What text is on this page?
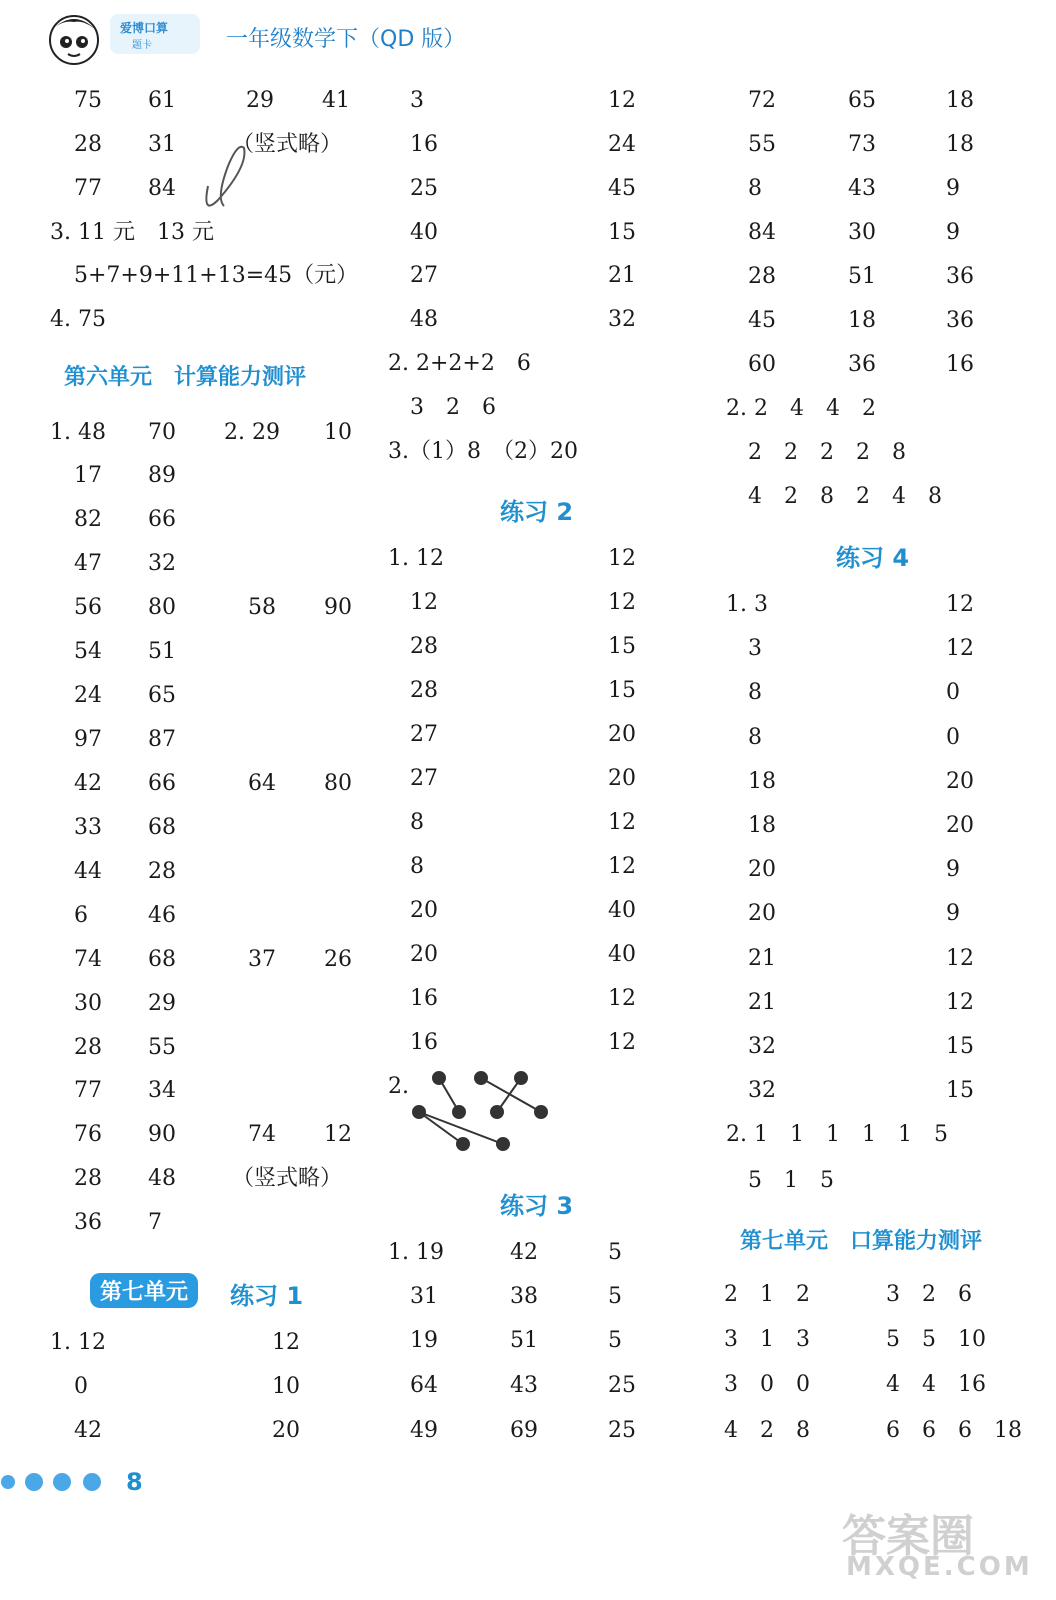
爱博口算
题卡	一年级数学下（QD 版）
75 61	29 41
28 31	（竖式略）
77 84
3. 11 元　13 元
5+7+9+11+13=45（元）
4. 75
第六单元　计算能力测评
1. 48 70 2. 29 10
17 89
82 66
47 32
56 80	58 90
54 51
24 65
97 87
42 66	64 80
33 68
44 28
6	46
74 68	37 26
30 29
28 55
77 34
76 90	74 12
28 48	（竖式略）
36 7
第七单元	练习 1
1. 12	12
0	10
42	20
3	12
16	24
25	45
40	15
27	21
48	32
2. 2+2+2　6
3　2　6
3.（1）8　（2）20
练习 2
1. 12	12
12	12
28	15
28	15
27	20
27	20
8	12
8	12
20	40
20	40
16	12
16	12
2.
练习 3
1. 19	42	5
31	38	5
19	51	5
64	43	25
49	69	25
72	65	18
55	73	18
8	43	9
84	30	9
28	51	36
45	18	36
60	36	16
2. 2　4　4　2
2　2　2　2　8
4　2　8　2　4　8
练习 4
1. 3	12
3	12
8	0
8	0
18	20
18	20
20	9
20	9
21	12
21	12
32	15
32	15
2. 1　1　1　1　1　5
5　1　5
第七单元　口算能力测评
2　1　2	3　2　6
3　1　3	5　5　10
3　0　0	4　4　16
4　2　8	6　6　6　18
8
答案圈
MXQE.COM
